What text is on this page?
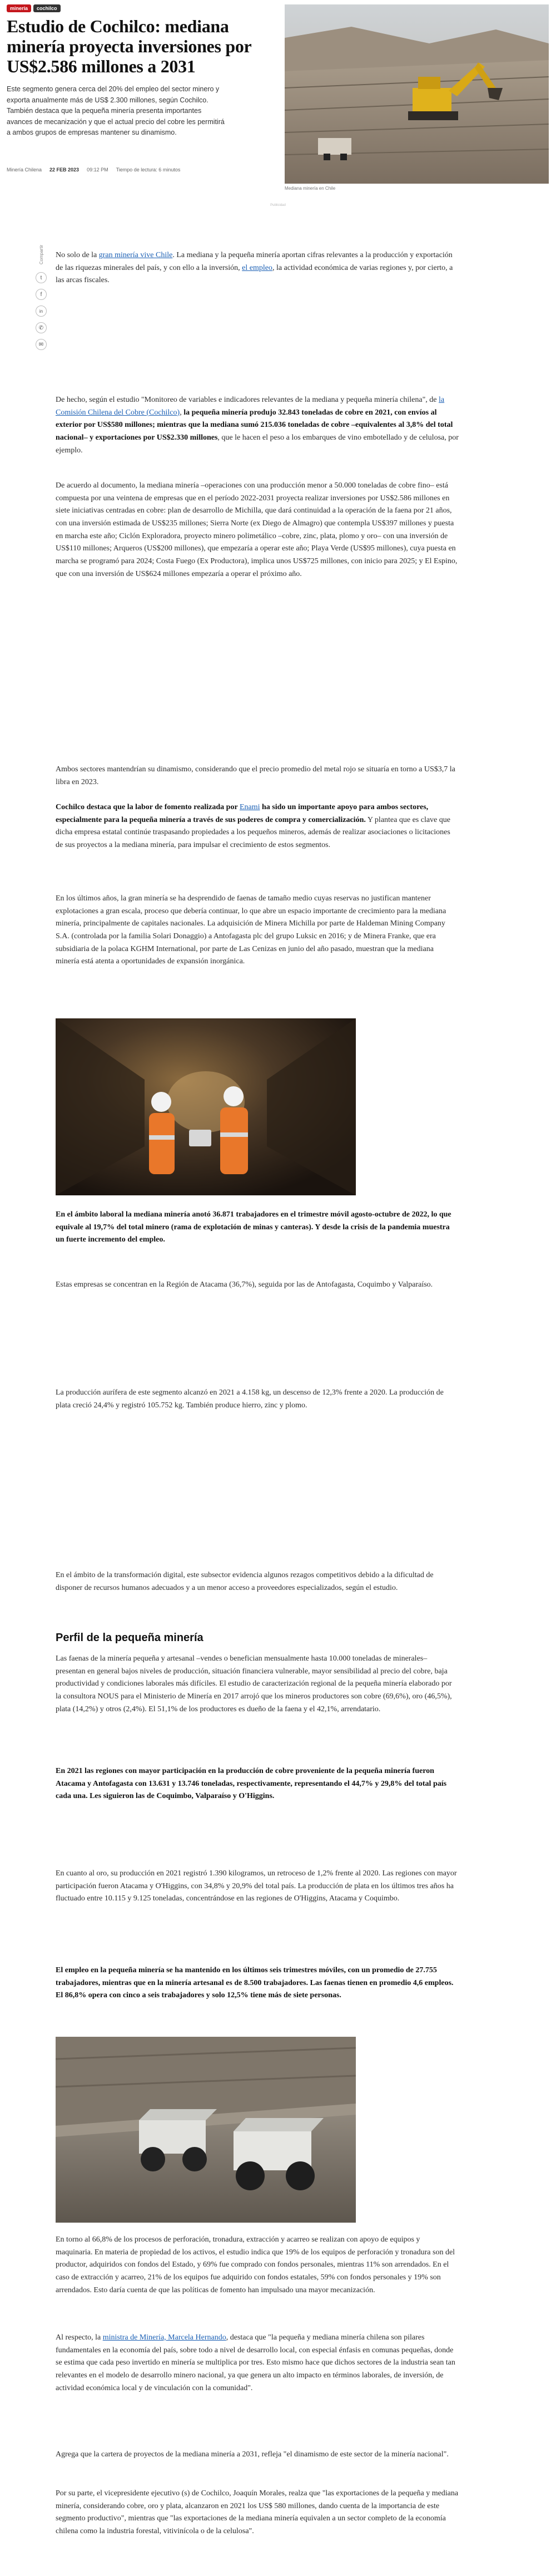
minería	cochilco
Estudio de Cochilco: mediana minería proyecta inversiones por US$2.586 millones a 2031

Este segmento genera cerca del 20% del empleo del sector minero y exporta anualmente más de US$ 2.300 millones, según Cochilco. También destaca que la pequeña minería presenta importantes avances de mecanización y que el actual precio del cobre les permitirá a ambos grupos de empresas mantener su dinamismo.

Minería Chilena 22 FEB 2023 09:12 PM Tiempo de lectura: 6 minutos
Mediana minería en Chile
Publicidad
Compartir
t
f
in
✆
✉

No solo de la gran minería vive Chile. La mediana y la pequeña minería aportan cifras relevantes a la producción y exportación de las riquezas minerales del país, y con ello a la inversión, el empleo, la actividad económica de varias regiones y, por cierto, a las arcas fiscales.

De hecho, según el estudio "Monitoreo de variables e indicadores relevantes de la mediana y pequeña minería chilena", de la Comisión Chilena del Cobre (Cochilco), la pequeña minería produjo 32.843 toneladas de cobre en 2021, con envíos al exterior por US$580 millones; mientras que la mediana sumó 215.036 toneladas de cobre –equivalentes al 3,8% del total nacional– y exportaciones por US$2.330 millones, que le hacen el peso a los embarques de vino embotellado y de celulosa, por ejemplo.

De acuerdo al documento, la mediana minería –operaciones con una producción menor a 50.000 toneladas de cobre fino– está compuesta por una veintena de empresas que en el período 2022-2031 proyecta realizar inversiones por US$2.586 millones en siete iniciativas centradas en cobre: plan de desarrollo de Michilla, que dará continuidad a la operación de la faena por 21 años, con una inversión estimada de US$235 millones; Sierra Norte (ex Diego de Almagro) que contempla US$397 millones y puesta en marcha este año; Ciclón Exploradora, proyecto minero polimetálico –cobre, zinc, plata, plomo y oro– con una inversión de US$110 millones; Arqueros (US$200 millones), que empezaría a operar este año; Playa Verde (US$95 millones), cuya puesta en marcha se programó para 2024; Costa Fuego (Ex Productora), implica unos US$725 millones, con inicio para 2025; y El Espino, que con una inversión de US$624 millones empezaría a operar el próximo año.

Ambos sectores mantendrían su dinamismo, considerando que el precio promedio del metal rojo se situaría en torno a US$3,7 la libra en 2023.

Cochilco destaca que la labor de fomento realizada por Enami ha sido un importante apoyo para ambos sectores, especialmente para la pequeña minería a través de sus poderes de compra y comercialización. Y plantea que es clave que dicha empresa estatal continúe traspasando propiedades a los pequeños mineros, además de realizar asociaciones o licitaciones de sus proyectos a la mediana minería, para impulsar el crecimiento de estos segmentos.

En los últimos años, la gran minería se ha desprendido de faenas de tamaño medio cuyas reservas no justifican mantener explotaciones a gran escala, proceso que debería continuar, lo que abre un espacio importante de crecimiento para la mediana minería, principalmente de capitales nacionales. La adquisición de Minera Michilla por parte de Haldeman Mining Company S.A. (controlada por la familia Solari Donaggio) a Antofagasta plc del grupo Luksic en 2016; y de Minera Franke, que era subsidiaria de la polaca KGHM International, por parte de Las Cenizas en junio del año pasado, muestran que la mediana minería está atenta a oportunidades de expansión inorgánica.

En el ámbito laboral la mediana minería anotó 36.871 trabajadores en el trimestre móvil agosto-octubre de 2022, lo que equivale al 19,7% del total minero (rama de explotación de minas y canteras). Y desde la crisis de la pandemia muestra un fuerte incremento del empleo.

Estas empresas se concentran en la Región de Atacama (36,7%), seguida por las de Antofagasta, Coquimbo y Valparaíso.

La producción aurífera de este segmento alcanzó en 2021 a 4.158 kg, un descenso de 12,3% frente a 2020. La producción de plata creció 24,4% y registró 105.752 kg. También produce hierro, zinc y plomo.

En el ámbito de la transformación digital, este subsector evidencia algunos rezagos competitivos debido a la dificultad de disponer de recursos humanos adecuados y a un menor acceso a proveedores especializados, según el estudio.

Perfil de la pequeña minería

Las faenas de la minería pequeña y artesanal –vendes o benefician mensualmente hasta 10.000 toneladas de minerales– presentan en general bajos niveles de producción, situación financiera vulnerable, mayor sensibilidad al precio del cobre, baja productividad y condiciones laborales más difíciles. El estudio de caracterización regional de la pequeña minería elaborado por la consultora NOUS para el Ministerio de Minería en 2017 arrojó que los mineros productores son cobre (69,6%), oro (46,5%), plata (14,2%) y otros (2,4%). El 51,1% de los productores es dueño de la faena y el 42,1%, arrendatario.

En 2021 las regiones con mayor participación en la producción de cobre proveniente de la pequeña minería fueron Atacama y Antofagasta con 13.631 y 13.746 toneladas, respectivamente, representando el 44,7% y 29,8% del total país cada una. Les siguieron las de Coquimbo, Valparaíso y O'Higgins.

En cuanto al oro, su producción en 2021 registró 1.390 kilogramos, un retroceso de 1,2% frente al 2020. Las regiones con mayor participación fueron Atacama y O'Higgins, con 34,8% y 20,9% del total país. La producción de plata en los últimos tres años ha fluctuado entre 10.115 y 9.125 toneladas, concentrándose en las regiones de O'Higgins, Atacama y Coquimbo.

El empleo en la pequeña minería se ha mantenido en los últimos seis trimestres móviles, con un promedio de 27.755 trabajadores, mientras que en la minería artesanal es de 8.500 trabajadores. Las faenas tienen en promedio 4,6 empleos. El 86,8% opera con cinco a seis trabajadores y solo 12,5% tiene más de siete personas.

En torno al 66,8% de los procesos de perforación, tronadura, extracción y acarreo se realizan con apoyo de equipos y maquinaria. En materia de propiedad de los activos, el estudio indica que 19% de los equipos de perforación y tronadura son del productor, adquiridos con fondos del Estado, y 69% fue comprado con fondos personales, mientras 11% son arrendados. En el caso de extracción y acarreo, 21% de los equipos fue adquirido con fondos estatales, 59% con fondos personales y 19% son arrendados. Esto daría cuenta de que las políticas de fomento han impulsado una mayor mecanización.

Al respecto, la ministra de Minería, Marcela Hernando, destaca que "la pequeña y mediana minería chilena son pilares fundamentales en la economía del país, sobre todo a nivel de desarrollo local, con especial énfasis en comunas pequeñas, donde se estima que cada peso invertido en minería se multiplica por tres. Esto mismo hace que dichos sectores de la industria sean tan relevantes en el modelo de desarrollo minero nacional, ya que genera un alto impacto en términos laborales, de inversión, de actividad económica local y de vinculación con la comunidad".

Agrega que la cartera de proyectos de la mediana minería a 2031, refleja "el dinamismo de este sector de la minería nacional".

Por su parte, el vicepresidente ejecutivo (s) de Cochilco, Joaquín Morales, realza que "las exportaciones de la pequeña y mediana minería, considerando cobre, oro y plata, alcanzaron en 2021 los US$ 580 millones, dando cuenta de la importancia de este segmento productivo", mientras que "las exportaciones de la mediana minería equivalen a un sector completo de la economía chilena como la industria forestal, vitivinícola o de la celulosa".
